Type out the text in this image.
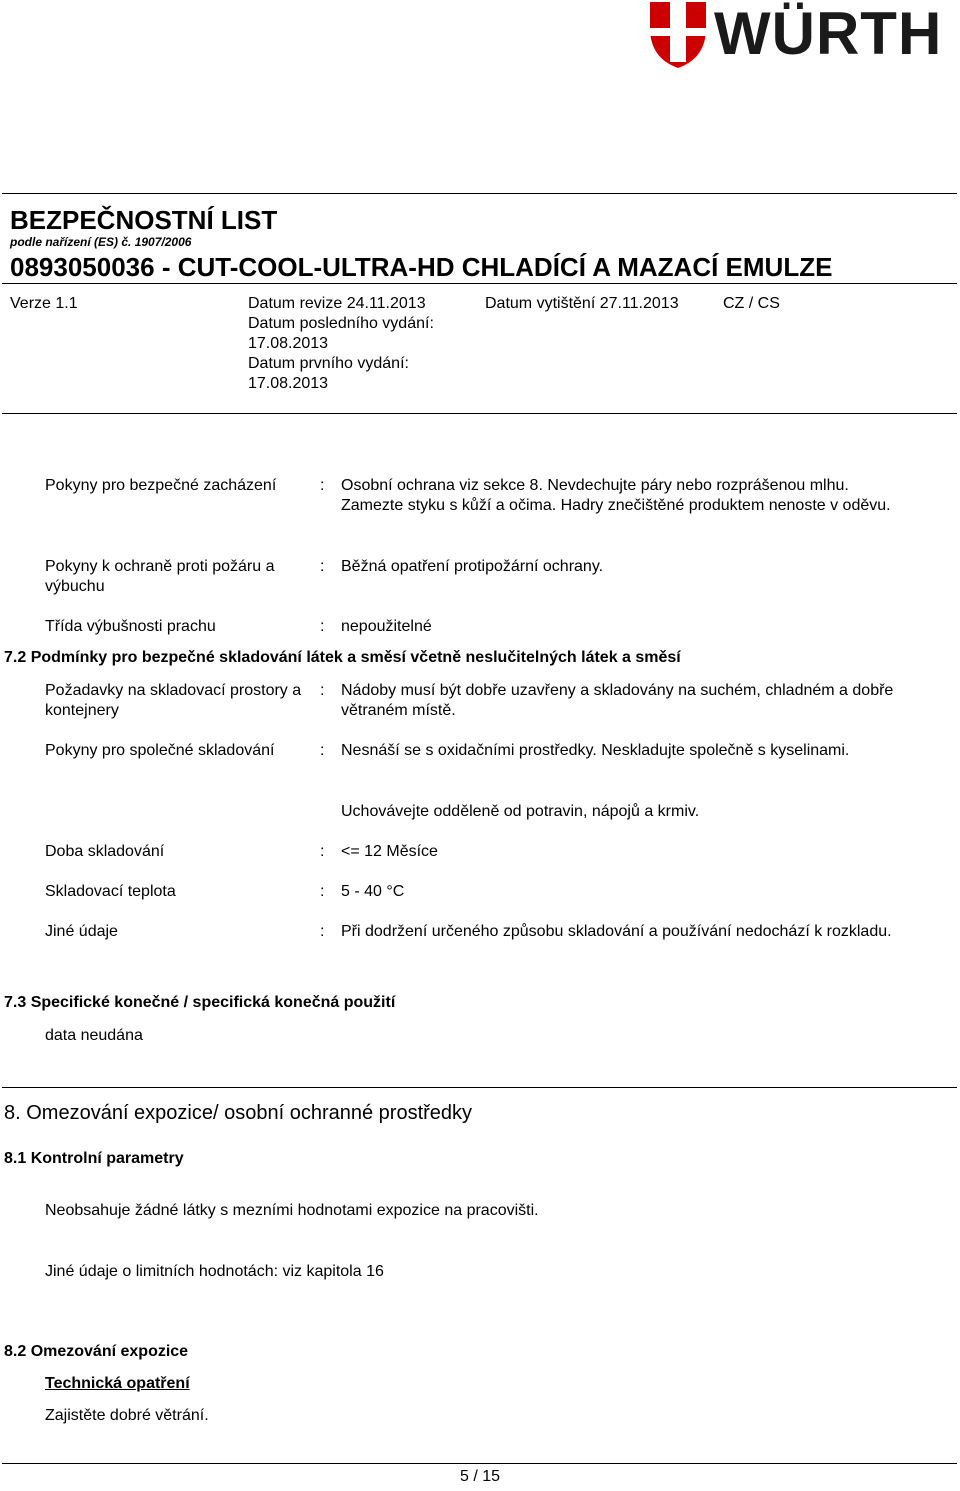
WÜRTH
BEZPEČNOSTNÍ LIST
podle nařízení (ES) č. 1907/2006
0893050036 - CUT-COOL-ULTRA-HD CHLADÍCÍ A MAZACÍ EMULZE
Verze 1.1	Datum revize 24.11.2013
Datum posledního vydání:
17.08.2013
Datum prvního vydání:
17.08.2013
Datum vytištění 27.11.2013	CZ / CS
Pokyny pro bezpečné zacházení	: Osobní ochrana viz sekce 8. Nevdechujte páry nebo rozprášenou mlhu. Zamezte styku s kůží a očima. Hadry znečištěné produktem nenoste v oděvu.
Pokyny k ochraně proti požáru a výbuchu
: Běžná opatření protipožární ochrany.
Třída výbušnosti prachu	: nepoužitelné
7.2 Podmínky pro bezpečné skladování látek a směsí včetně neslučitelných látek a směsí
Požadavky na skladovací prostory a kontejnery
: Nádoby musí být dobře uzavřeny a skladovány na suchém, chladném a dobře větraném místě.
Pokyny pro společné skladování	: Nesnáší se s oxidačními prostředky. Neskladujte společně s kyselinami.
Uchovávejte odděleně od potravin, nápojů a krmiv.
Doba skladování	: <= 12 Měsíce
Skladovací teplota	: 5 - 40 °C
Jiné údaje	: Při dodržení určeného způsobu skladování a používání nedochází k rozkladu.
7.3 Specifické konečné / specifická konečná použití
data neudána
8. Omezování expozice/ osobní ochranné prostředky
8.1 Kontrolní parametry
Neobsahuje žádné látky s mezními hodnotami expozice na pracovišti.
Jiné údaje o limitních hodnotách: viz kapitola 16
8.2 Omezování expozice
Technická opatření
Zajistěte dobré větrání.
5 / 15
